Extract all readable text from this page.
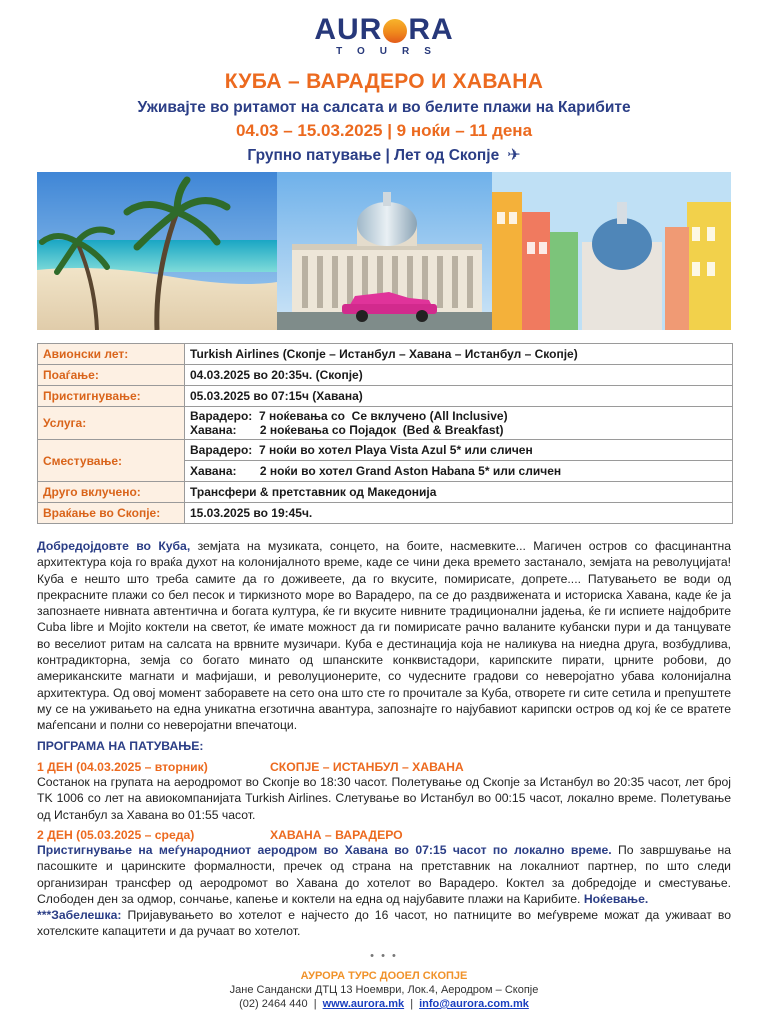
AUR RA
TOURS
КУБА – ВАРАДЕРО И ХАВАНА
Уживајте во ритамот на салсата и во белите плажи на Карибите
04.03 – 15.03.2025 | 9 ноќи – 11 дена
Групно патување | Лет од Скопје ✈
Авионски лет:	Turkish Airlines (Скопје – Истанбул – Хавана – Истанбул – Скопје)
Поаѓање:	04.03.2025 во 20:35ч. (Скопје)
Пристигнување:	05.03.2025 во 07:15ч (Хавана)
Услуга:	Варадеро:  7 ноќевања со  Се вклучено (All Inclusive)
Хавана:       2 ноќевања со Појадок  (Bed & Breakfast)

Сместување:	Варадеро:  7 ноќи во хотел Playa Vista Azul 5* или сличен
	Хавана:       2 ноќи во хотел Grand Aston Habana 5* или сличен
Друго вклучено:	Трансфери & претставник од Македонија
Враќање во Скопје:	15.03.2025 во 19:45ч.
Добредојдовте во Куба, земјата на музиката, сонцето, на боите, насмевките... Магичен остров со фасцинантна архитектура која го враќа духот на колонијалното време, каде се чини дека времето застанало, земјата на револуцијата! Куба е нешто што треба самите да го доживеете, да го вкусите, помирисате, допрете.... Патувањето ве води од прекрасните плажи со бел песок и тиркизното море во Варадеро, па се до раздвижената и историска Хавана, каде ќе ја запознаете нивната автентична и богата култура, ќе ги вкусите нивните традиционални јадења, ќе ги испиете најдобрите Cuba libre и Mojito коктели на светот, ќе имате можност да ги помирисате рачно валаните кубански пури и да танцувате во веселиот ритам на салсата на врвните музичари. Куба е дестинација која не наликува на ниедна друга, возбудлива, контрадикторна, земја со богато минато од шпанските конквистадори, карипските пирати, црните робови, до американските магнати и мафијаши, и револуционерите, со чудесните градови со неверојатно убава колонијална архитектура. Од овој момент заборавете на сето она што сте го прочитале за Куба, отворете ги сите сетила и препуштете му се на уживањето на една уникатна егзотична авантура, запознајте го најубавиот карипски остров од кој ќе се вратете маѓепсани и полни со неверојатни впечатоци.
ПРОГРАМА НА ПАТУВАЊЕ:
1 ДЕН (04.03.2025 – вторник)	СКОПЈЕ – ИСТАНБУЛ – ХАВАНА
Состанок на групата на аеродромот во Скопје во 18:30 часот. Полетување од Скопје за Истанбул во 20:35 часот, лет број TK 1006 со лет на авиокомпанијата Turkish Airlines. Слетување во Истанбул во 00:15 часот, локално време. Полетување од Истанбул за Хавана во 01:55 часот.
2 ДЕН (05.03.2025 – среда)	ХАВАНА – ВАРАДЕРО
Пристигнување на меѓународниот аеродром во Хавана во 07:15 часот по локално време. По завршување на пасошките и царинските формалности, пречек од страна на претставник на локалниот партнер, по што следи организиран трансфер од аеродромот во Хавана до хотелот во Варадеро. Коктел за добредојде и сместување. Слободен ден за одмор, сончање, капење и коктели на една од најубавите плажи на Карибите. Ноќевање.
***Забелешка: Пријавувањето во хотелот е најчесто до 16 часот, но патниците во меѓувреме можат да уживаат во хотелските капацитети и да ручаат во хотелот.
• • •
АУРОРА ТУРС ДООЕЛ СКОПЈЕ
Јане Сандански ДТЦ 13 Ноември, Лок.4, Аеродром – Скопје
(02) 2464 440 | www.aurora.mk | info@aurora.com.mk
